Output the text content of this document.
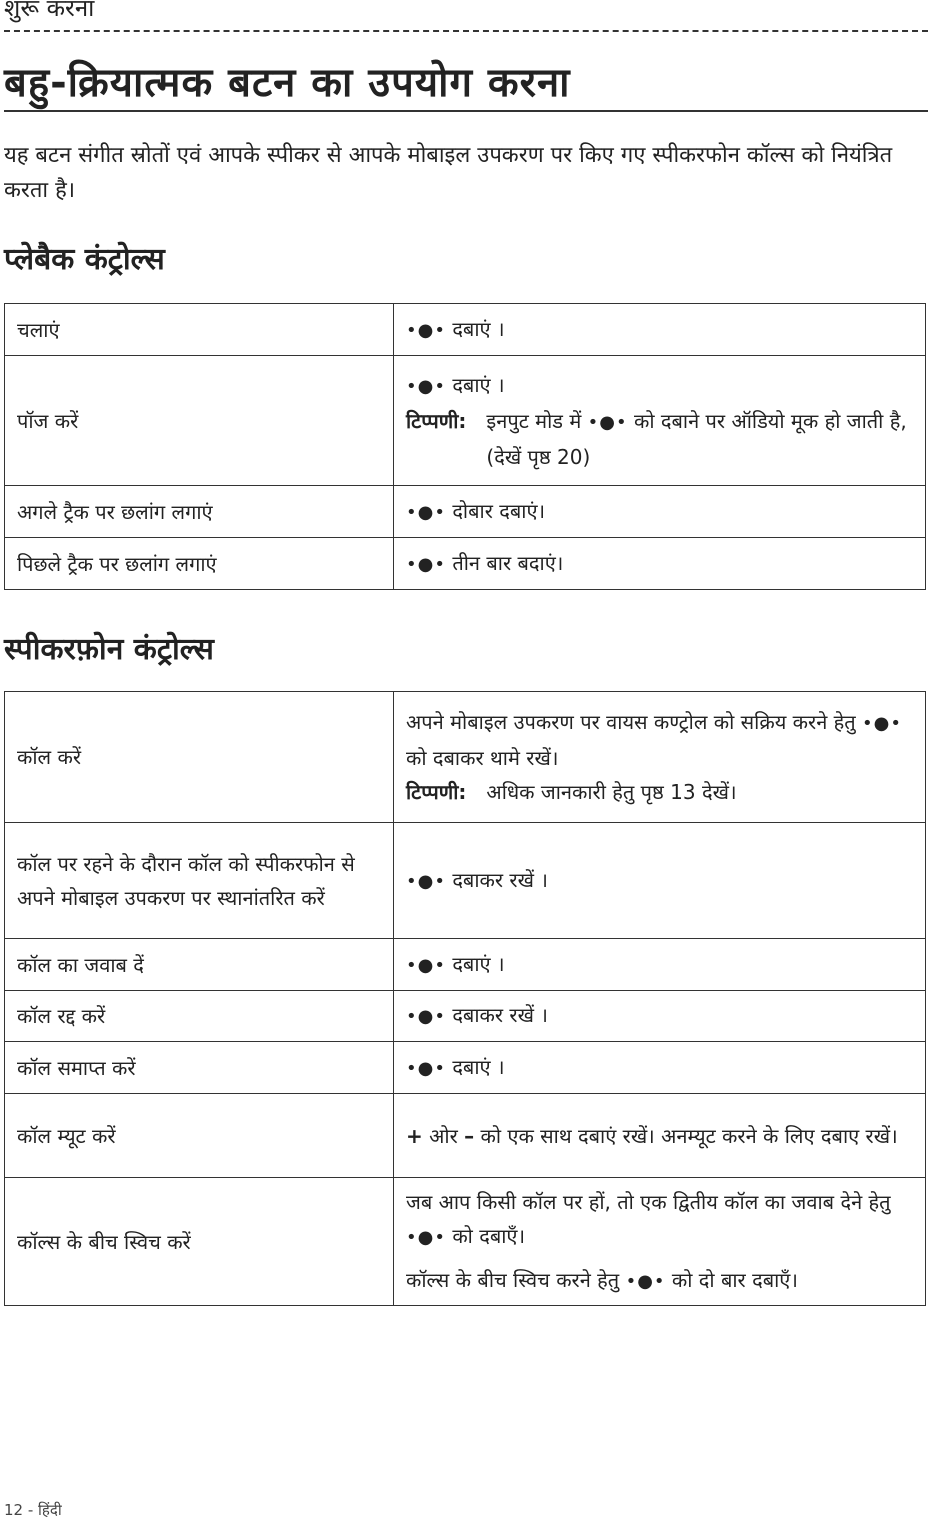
शुरू करना
बहु-क्रियात्मक बटन का उपयोग करना

यह बटन संगीत स्रोतों एवं आपके स्पीकर से आपके मोबाइल उपकरण पर किए गए स्पीकरफोन कॉल्स को नियंत्रित करता है।

प्लेबैक कंट्रोल्स
चलाएं	•●• दबाएं ।
पॉज करें	•●• दबाएं ।

टिप्पणी: इनपुट मोड में •●• को दबाने पर ऑडियो मूक हो जाती है, (देखें पृष्ठ 20)

अगले ट्रैक पर छलांग लगाएं	•●• दोबार दबाएं।
पिछले ट्रैक पर छलांग लगाएं	•●• तीन बार बदाएं।
स्पीकरफ़ोन कंट्रोल्स
कॉल करें	अपने मोबाइल उपकरण पर वायस कण्ट्रोल को सक्रिय करने हेतु •●• को दबाकर थामे रखें।

टिप्पणी: अधिक जानकारी हेतु पृष्ठ 13 देखें।

कॉल पर रहने के दौरान कॉल को स्पीकरफोन से अपने मोबाइल उपकरण पर स्थानांतरित करें	•●• दबाकर रखें ।
कॉल का जवाब दें	•●• दबाएं ।
कॉल रद्द करें	•●• दबाकर रखें ।
कॉल समाप्त करें	•●• दबाएं ।
कॉल म्यूट करें	+ ओर – को एक साथ दबाएं रखें। अनम्यूट करने के लिए दबाए रखें।
कॉल्स के बीच स्विच करें	जब आप किसी कॉल पर हों, तो एक द्वितीय कॉल का जवाब देने हेतु •●• को दबाएँ।

कॉल्स के बीच स्विच करने हेतु •●• को दो बार दबाएँ।

12 - हिंदी
